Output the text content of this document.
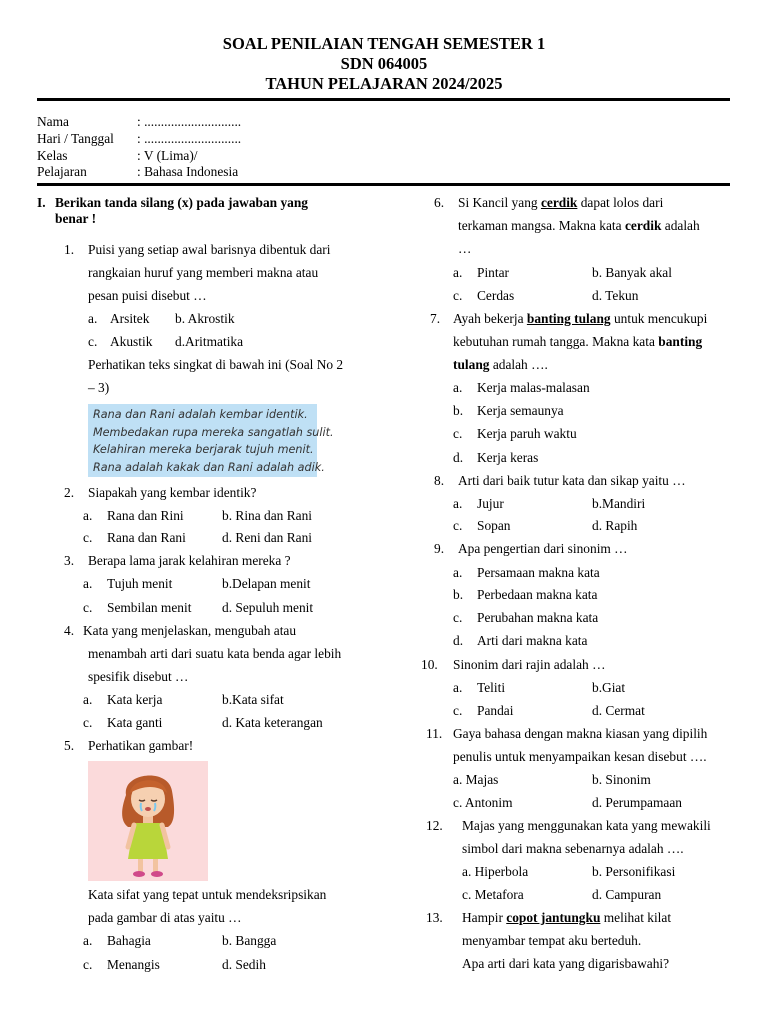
SOAL PENILAIAN TENGAH SEMESTER 1
SDN 064005
TAHUN PELAJARAN 2024/2025
Nama	: .............................
Hari / Tanggal : .............................
Kelas	: V (Lima)/
Pelajaran	: Bahasa Indonesia
I. Berikan tanda silang (x) pada jawaban yang
benar !
1. Puisi yang setiap awal barisnya dibentuk dari
rangkaian huruf yang memberi makna atau
pesan puisi disebut …
a. Arsitek b. Akrostik
c. Akustik d.Aritmatika
Perhatikan teks singkat di bawah ini (Soal No 2
– 3)
Rana dan Rani adalah kembar identik.
Membedakan rupa mereka sangatlah sulit.
Kelahiran mereka berjarak tujuh menit.
Rana adalah kakak dan Rani adalah adik.
2. Siapakah yang kembar identik?
a. Rana dan Rini	b. Rina dan Rani
c. Rana dan Rani	d. Reni dan Rani
3. Berapa lama jarak kelahiran mereka ?
a. Tujuh menit	b.Delapan menit
c. Sembilan menit d. Sepuluh menit
4. Kata yang menjelaskan, mengubah atau
menambah arti dari suatu kata benda agar lebih
spesifik disebut …
a. Kata kerja	b.Kata sifat
c. Kata ganti	d. Kata keterangan
5. Perhatikan gambar!
Kata sifat yang tepat untuk mendeksripsikan
pada gambar di atas yaitu …
a. Bahagia	b. Bangga
c. Menangis	d. Sedih
6. Si Kancil yang cerdik dapat lolos dari
terkaman mangsa. Makna kata cerdik adalah
…
a. Pintar	b. Banyak akal
c. Cerdas	d. Tekun
7. Ayah bekerja banting tulang untuk mencukupi
kebutuhan rumah tangga. Makna kata banting
tulang adalah ….
a. Kerja malas-malasan
b. Kerja semaunya
c. Kerja paruh waktu
d. Kerja keras
8. Arti dari baik tutur kata dan sikap yaitu …
a. Jujur	b.Mandiri
c. Sopan	d. Rapih
9. Apa pengertian dari sinonim …
a. Persamaan makna kata
b. Perbedaan makna kata
c. Perubahan makna kata
d. Arti dari makna kata
10. Sinonim dari rajin adalah …
a. Teliti	b.Giat
c. Pandai	d. Cermat
11. Gaya bahasa dengan makna kiasan yang dipilih
penulis untuk menyampaikan kesan disebut ….
a. Majas	b. Sinonim
c. Antonim	d. Perumpamaan
12. Majas yang menggunakan kata yang mewakili
simbol dari makna sebenarnya adalah ….
a. Hiperbola	b. Personifikasi
c. Metafora	d. Campuran
13. Hampir copot jantungku melihat kilat
menyambar tempat aku berteduh.
Apa arti dari kata yang digarisbawahi?
